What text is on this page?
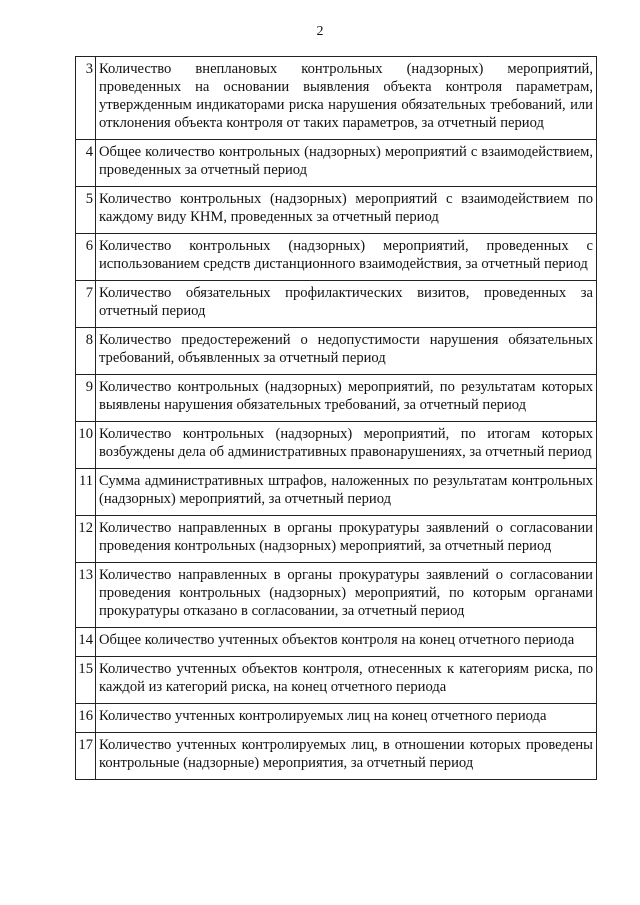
2
3	Количество внеплановых контрольных (надзорных) мероприятий, проведенных на основании выявления объекта контроля параметрам, утвержденным индикаторами риска нарушения обязательных требований, или отклонения объекта контроля от таких параметров, за отчетный период
4	Общее количество контрольных (надзорных) мероприятий с взаимодействием, проведенных за отчетный период
5	Количество контрольных (надзорных) мероприятий с взаимодействием по каждому виду КНМ, проведенных за отчетный период
6	Количество контрольных (надзорных) мероприятий, проведенных с использованием средств дистанционного взаимодействия, за отчетный период
7	Количество обязательных профилактических визитов, проведенных за отчетный период
8	Количество предостережений о недопустимости нарушения обязательных требований, объявленных за отчетный период
9	Количество контрольных (надзорных) мероприятий, по результатам которых выявлены нарушения обязательных требований, за отчетный период
10	Количество контрольных (надзорных) мероприятий, по итогам которых возбуждены дела об административных правонарушениях, за отчетный период
11	Сумма административных штрафов, наложенных по результатам контрольных (надзорных) мероприятий, за отчетный период
12	Количество направленных в органы прокуратуры заявлений о согласовании проведения контрольных (надзорных) мероприятий, за отчетный период
13	Количество направленных в органы прокуратуры заявлений о согласовании проведения контрольных (надзорных) мероприятий, по которым органами прокуратуры отказано в согласовании, за отчетный период
14	Общее количество учтенных объектов контроля на конец отчетного периода
15	Количество учтенных объектов контроля, отнесенных к категориям риска, по каждой из категорий риска, на конец отчетного периода
16	Количество учтенных контролируемых лиц на конец отчетного периода
17	Количество учтенных контролируемых лиц, в отношении которых проведены контрольные (надзорные) мероприятия, за отчетный период
